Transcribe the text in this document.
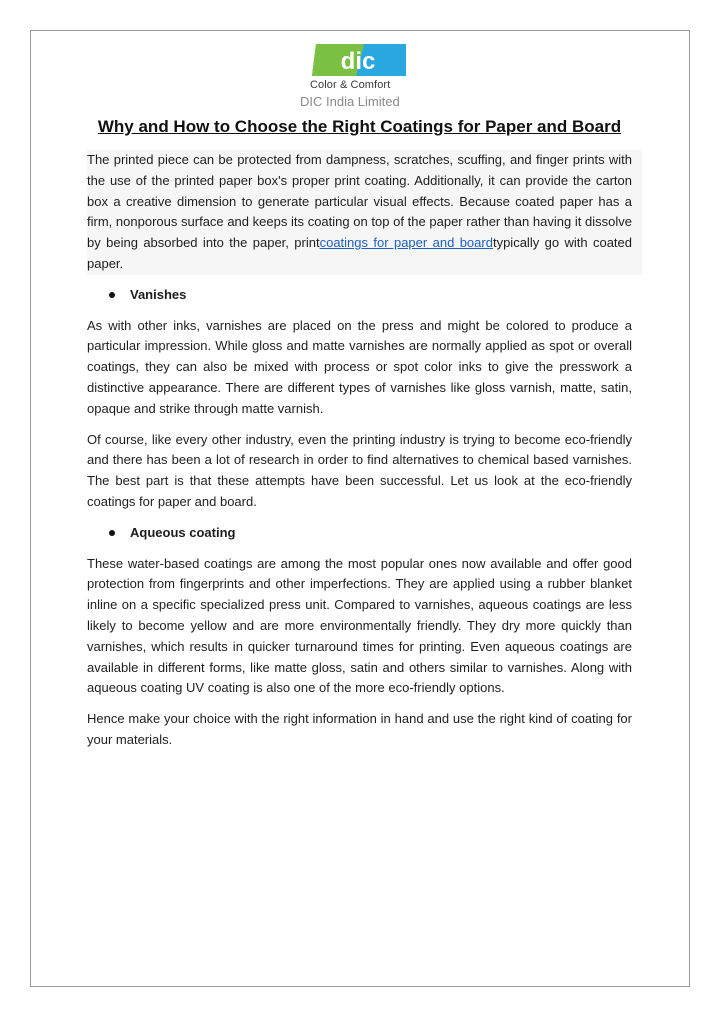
dic
Color & Comfort
DIC India Limited
Why and How to Choose the Right Coatings for Paper and Board

The printed piece can be protected from dampness, scratches, scuffing, and finger prints with the use of the printed paper box's proper print coating. Additionally, it can provide the carton box a creative dimension to generate particular visual effects. Because coated paper has a firm, nonporous surface and keeps its coating on top of the paper rather than having it dissolve by being absorbed into the paper, printcoatings for paper and boardtypically go with coated paper.

Vanishes

As with other inks, varnishes are placed on the press and might be colored to produce a particular impression. While gloss and matte varnishes are normally applied as spot or overall coatings, they can also be mixed with process or spot color inks to give the presswork a distinctive appearance. There are different types of varnishes like gloss varnish, matte, satin, opaque and strike through matte varnish.

Of course, like every other industry, even the printing industry is trying to become eco-friendly and there has been a lot of research in order to find alternatives to chemical based varnishes. The best part is that these attempts have been successful. Let us look at the eco-friendly coatings for paper and board.

Aqueous coating

These water-based coatings are among the most popular ones now available and offer good protection from fingerprints and other imperfections. They are applied using a rubber blanket inline on a specific specialized press unit. Compared to varnishes, aqueous coatings are less likely to become yellow and are more environmentally friendly. They dry more quickly than varnishes, which results in quicker turnaround times for printing. Even aqueous coatings are available in different forms, like matte gloss, satin and others similar to varnishes. Along with aqueous coating UV coating is also one of the more eco-friendly options.

Hence make your choice with the right information in hand and use the right kind of coating for your materials.
